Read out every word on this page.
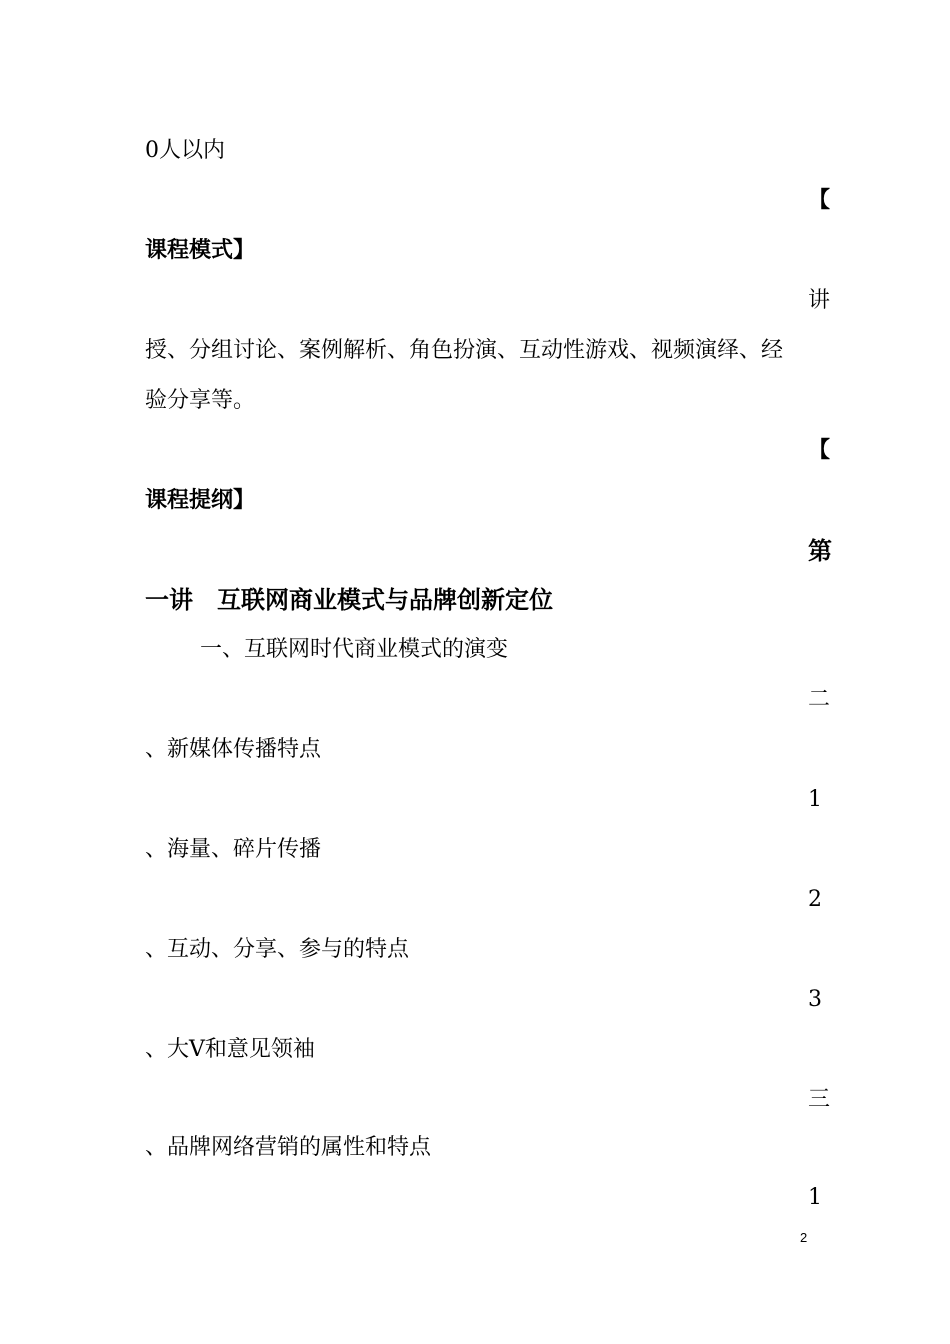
0人以内
【
课程模式】
讲
授、分组讨论、案例解析、角色扮演、互动性游戏、视频演绎、经
验分享等。
【
课程提纲】
第
一讲　互联网商业模式与品牌创新定位
一、互联网时代商业模式的演变
二
、新媒体传播特点
1
、海量、碎片传播
2
、互动、分享、参与的特点
3
、大V和意见领袖
三
、品牌网络营销的属性和特点
1
2
